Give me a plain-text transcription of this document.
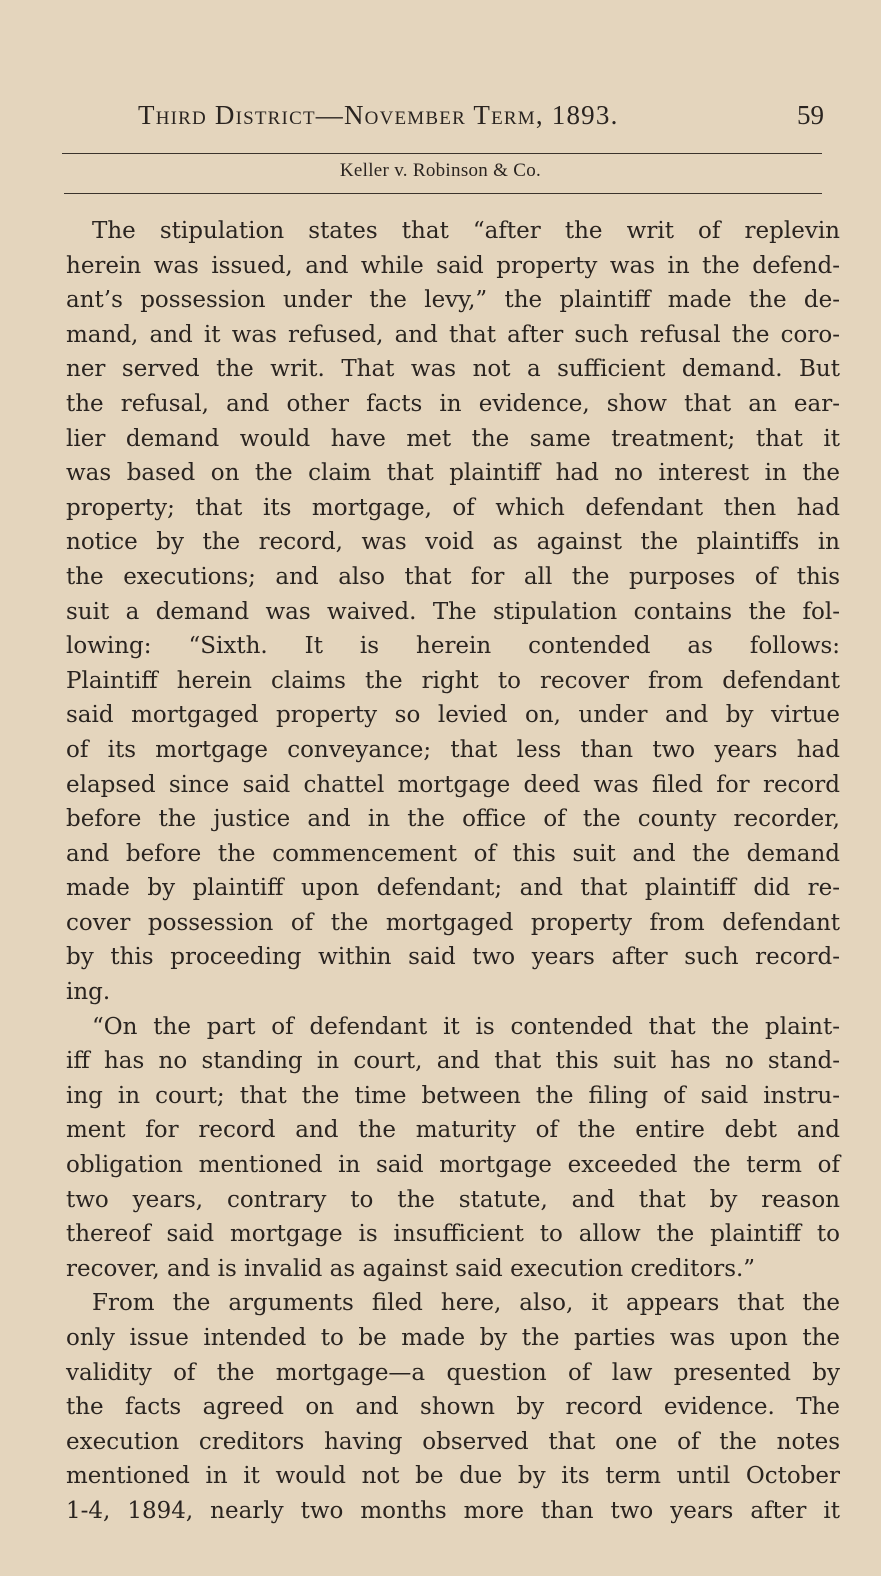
Third District—November Term, 1893.	59
Keller v. Robinson & Co.
The stipulation states that “after the writ of replevin
herein was issued, and while said property was in the defend-
ant’s possession under the levy,” the plaintiff made the de-
mand, and it was refused, and that after such refusal the coro-
ner served the writ. That was not a sufficient demand. But
the refusal, and other facts in evidence, show that an ear-
lier demand would have met the same treatment; that it
was based on the claim that plaintiff had no interest in the
property; that its mortgage, of which defendant then had
notice by the record, was void as against the plaintiffs in
the executions; and also that for all the purposes of this
suit a demand was waived. The stipulation contains the fol-
lowing: “Sixth. It is herein contended as follows:
Plaintiff herein claims the right to recover from defendant
said mortgaged property so levied on, under and by virtue
of its mortgage conveyance; that less than two years had
elapsed since said chattel mortgage deed was filed for record
before the justice and in the office of the county recorder,
and before the commencement of this suit and the demand
made by plaintiff upon defendant; and that plaintiff did re-
cover possession of the mortgaged property from defendant
by this proceeding within said two years after such record-
ing.
“On the part of defendant it is contended that the plaint-
iff has no standing in court, and that this suit has no stand-
ing in court; that the time between the filing of said instru-
ment for record and the maturity of the entire debt and
obligation mentioned in said mortgage exceeded the term of
two years, contrary to the statute, and that by reason
thereof said mortgage is insufficient to allow the plaintiff to
recover, and is invalid as against said execution creditors.”
From the arguments filed here, also, it appears that the
only issue intended to be made by the parties was upon the
validity of the mortgage—a question of law presented by
the facts agreed on and shown by record evidence. The
execution creditors having observed that one of the notes
mentioned in it would not be due by its term until October
1-4, 1894, nearly two months more than two years after it
